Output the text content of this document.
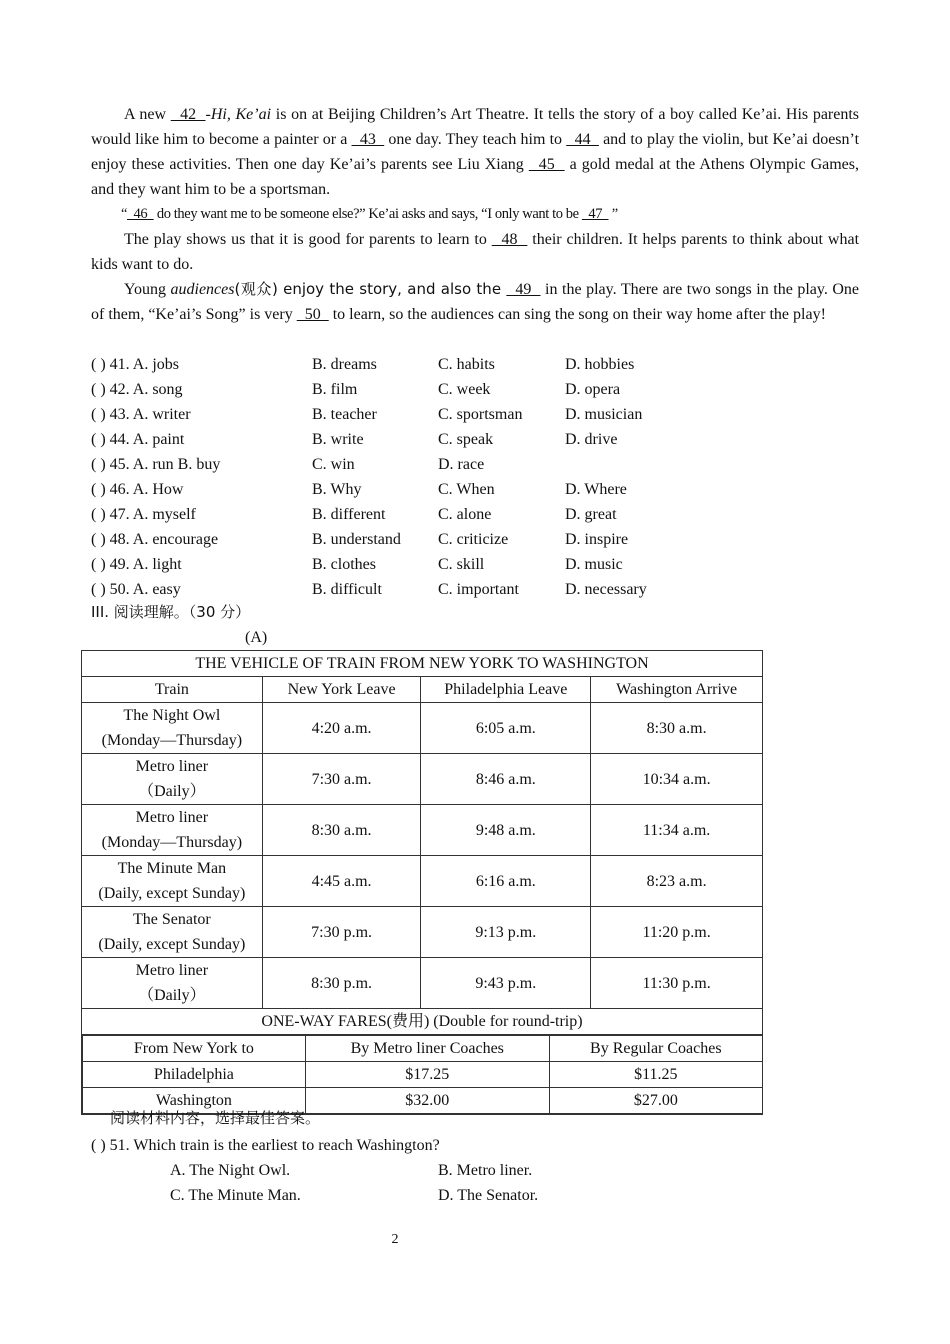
A new   42  -Hi, Ke’ai is on at Beijing Children’s Art Theatre. It tells the story of a boy called Ke’ai. His parents would like him to become a painter or a   43   one day. They teach him to   44   and to play the violin, but Ke’ai doesn’t enjoy these activities. Then one day Ke’ai’s parents see Liu Xiang   45   a gold medal at the Athens Olympic Games, and they want him to be a sportsman.
“  46   do they want me to be someone else?” Ke’ai asks and says, “I only want to be   47   ”
The play shows us that it is good for parents to learn to   48   their children. It helps parents to think about what kids want to do.
Young audiences(观众) enjoy the story, and also the   49   in the play. There are two songs in the play. One of them, “Ke’ai’s Song” is very   50   to learn, so the audiences can sing the song on their way home after the play!
( ) 41. A. jobs	B. dreams	C. habits	D. hobbies
( ) 42. A. song	B. film	C. week	D. opera
( ) 43. A. writer	B. teacher	C. sportsman	D. musician
( ) 44. A. paint	B. write	C. speak	D. drive
( ) 45. A. run B. buy	C. win	D. race
( ) 46. A. How	B. Why	C. When	D. Where
( ) 47. A. myself	B. different	C. alone	D. great
( ) 48. A. encourage	B. understand C. criticize	D. inspire
( ) 49. A. light	B. clothes	C. skill	D. music
( ) 50. A. easy	B. difficult	C. important	D. necessary
III. 阅读理解。（30 分）
(A)
THE VEHICLE OF TRAIN FROM NEW YORK TO WASHINGTON
Train	New York Leave	Philadelphia Leave	Washington Arrive

The Night Owl
(Monday—Thursday)
	4:20 a.m.	6:05 a.m.	8:30 a.m.

Metro liner
（Daily）
	7:30 a.m.	8:46 a.m.	10:34 a.m.

Metro liner
(Monday—Thursday)
	8:30 a.m.	9:48 a.m.	11:34 a.m.

The Minute Man
(Daily, except Sunday)
	4:45 a.m.	6:16 a.m.	8:23 a.m.

The Senator
(Daily, except Sunday)
	7:30 p.m.	9:13 p.m.	11:20 p.m.

Metro liner
（Daily）
	8:30 p.m.	9:43 p.m.	11:30 p.m.
ONE-WAY FARES(费用) (Double for round-trip)

From New York to	By Metro liner Coaches	By Regular Coaches
Philadelphia	$17.25	$11.25
Washington	$32.00	$27.00
阅读材料内容，选择最佳答案。
( ) 51. Which train is the earliest to reach Washington?
A. The Night Owl.	B. Metro liner.
C. The Minute Man.	D. The Senator.
2
